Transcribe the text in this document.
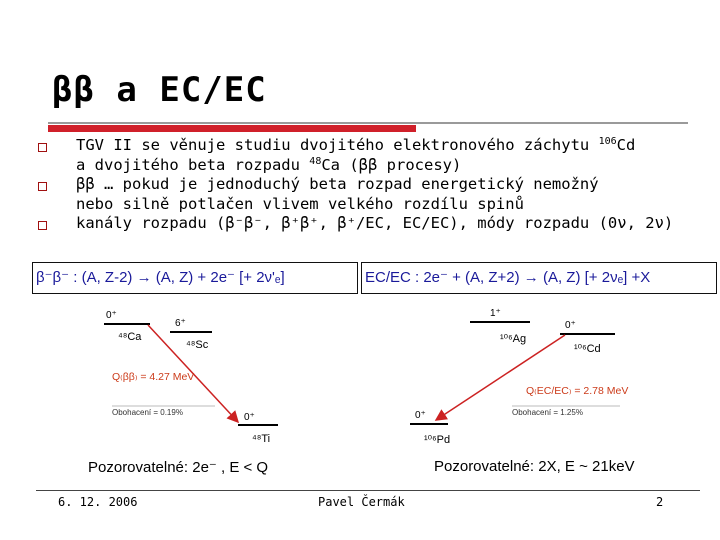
ββ a EC/EC
TGV II se věnuje studiu dvojitého elektronového záchytu $^{106}$Cd
a dvojitého beta rozpadu $^{48}$Ca (ββ procesy)
ββ … pokud je jednoduchý beta rozpad energetický nemožný
nebo silně potlačen vlivem velkého rozdílu spinů
kanály rozpadu (β⁻β⁻, β⁺β⁺, β⁺/EC, EC/EC), módy rozpadu (0ν, 2ν)
β⁻β⁻ : (A, Z-2) → (A, Z) + 2e⁻ [+ 2ν'ₑ]	EC/EC : 2e⁻ + (A, Z+2) → (A, Z) [+ 2νₑ] +X
0⁺
⁴⁸Ca
6⁺
⁴⁸Sc
Q₍ββ₎ = 4.27 MeV
Obohacení = 0.19%	0⁺
⁴⁸Ti
1⁺
¹⁰⁶Ag
0⁺
¹⁰⁶Cd
Q₍EC/EC₎ = 2.78 MeV
Obohacení = 1.25%
0⁺
¹⁰⁶Pd
Pozorovatelné: 2e⁻ , E < Q	Pozorovatelné: 2X, E ~ 21keV
6. 12. 2006	Pavel Čermák	2
